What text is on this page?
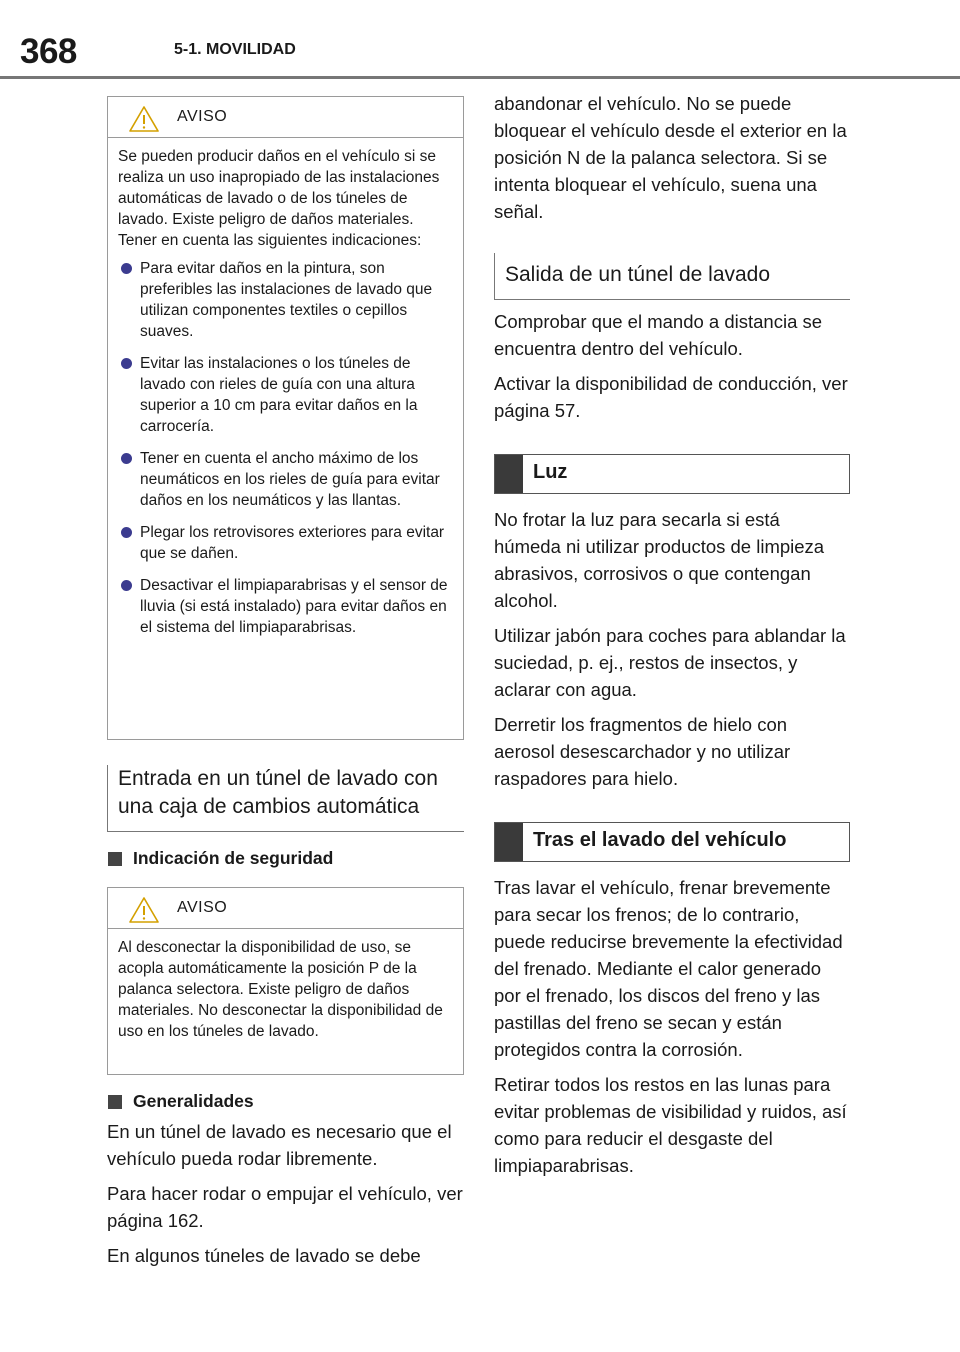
368	5-1. MOVILIDAD
AVISO

Se pueden producir daños en el vehículo si se realiza un uso inapropiado de las instalaciones automáticas de lavado o de los túneles de lavado. Existe peligro de daños materiales. Tener en cuenta las siguientes indicaciones:

Para evitar daños en la pintura, son preferibles las instalaciones de lavado que utilizan componentes textiles o cepillos suaves.
Evitar las instalaciones o los túneles de lavado con rieles de guía con una altura superior a 10 cm para evitar daños en la carrocería.
Tener en cuenta el ancho máximo de los neumáticos en los rieles de guía para evitar daños en los neumáticos y las llantas.
Plegar los retrovisores exteriores para evitar que se dañen.
Desactivar el limpiaparabrisas y el sensor de lluvia (si está instalado) para evitar daños en el sistema del limpiaparabrisas.
Entrada en un túnel de lavado con una caja de cambios automática
Indicación de seguridad
AVISO

Al desconectar la disponibilidad de uso, se acopla automáticamente la posición P de la palanca selectora. Existe peligro de daños materiales. No desconectar la disponibilidad de uso en los túneles de lavado.

Generalidades

En un túnel de lavado es necesario que el vehículo pueda rodar libremente.

Para hacer rodar o empujar el vehículo, ver página 162.

En algunos túneles de lavado se debe

abandonar el vehículo. No se puede bloquear el vehículo desde el exterior en la posición N de la palanca selectora. Si se intenta bloquear el vehículo, suena una señal.

Salida de un túnel de lavado

Comprobar que el mando a distancia se encuentra dentro del vehículo.

Activar la disponibilidad de conducción, ver página 57.

Luz

No frotar la luz para secarla si está húmeda ni utilizar productos de limpieza abrasivos, corrosivos o que contengan alcohol.

Utilizar jabón para coches para ablandar la suciedad, p. ej., restos de insectos, y aclarar con agua.

Derretir los fragmentos de hielo con aerosol desescarchador y no utilizar raspadores para hielo.

Tras el lavado del vehículo

Tras lavar el vehículo, frenar brevemente para secar los frenos; de lo contrario, puede reducirse brevemente la efectividad del frenado. Mediante el calor generado por el frenado, los discos del freno y las pastillas del freno se secan y están protegidos contra la corrosión.

Retirar todos los restos en las lunas para evitar problemas de visibilidad y ruidos, así como para reducir el desgaste del limpiaparabrisas.
